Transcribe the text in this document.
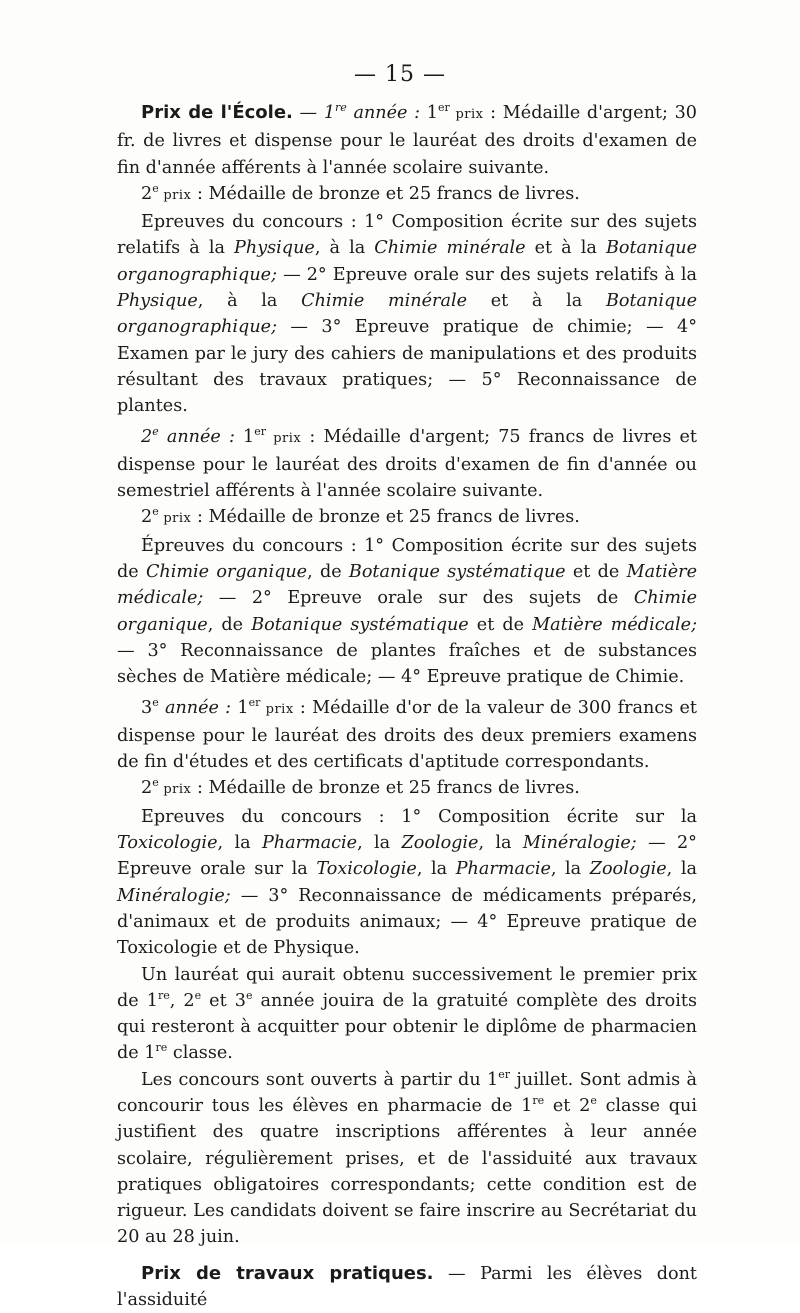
— 15 —

Prix de l'École. — 1re année : 1er prix : Médaille d'argent; 30 fr. de livres et dispense pour le lauréat des droits d'examen de fin d'année afférents à l'année scolaire suivante.

2e prix : Médaille de bronze et 25 francs de livres.

Epreuves du concours : 1° Composition écrite sur des sujets relatifs à la Physique, à la Chimie minérale et à la Botanique organographique; — 2° Epreuve orale sur des sujets relatifs à la Physique, à la Chimie minérale et à la Botanique organographique; — 3° Epreuve pratique de chimie; — 4° Examen par le jury des cahiers de manipulations et des produits résultant des travaux pratiques; — 5° Reconnaissance de plantes.

2e année : 1er prix : Médaille d'argent; 75 francs de livres et dispense pour le lauréat des droits d'examen de fin d'année ou semestriel afférents à l'année scolaire suivante.

2e prix : Médaille de bronze et 25 francs de livres.

Épreuves du concours : 1° Composition écrite sur des sujets de Chimie organique, de Botanique systématique et de Matière médicale; — 2° Epreuve orale sur des sujets de Chimie organique, de Botanique systématique et de Matière médicale; — 3° Reconnaissance de plantes fraîches et de substances sèches de Matière médicale; — 4° Epreuve pratique de Chimie.

3e année : 1er prix : Médaille d'or de la valeur de 300 francs et dispense pour le lauréat des droits des deux premiers examens de fin d'études et des certificats d'aptitude correspondants.

2e prix : Médaille de bronze et 25 francs de livres.

Epreuves du concours : 1° Composition écrite sur la Toxicologie, la Pharmacie, la Zoologie, la Minéralogie; — 2° Epreuve orale sur la Toxicologie, la Pharmacie, la Zoologie, la Minéralogie; — 3° Reconnaissance de médicaments préparés, d'animaux et de produits animaux; — 4° Epreuve pratique de Toxicologie et de Physique.

Un lauréat qui aurait obtenu successivement le premier prix de 1re, 2e et 3e année jouira de la gratuité complète des droits qui resteront à acquitter pour obtenir le diplôme de pharmacien de 1re classe.

Les concours sont ouverts à partir du 1er juillet. Sont admis à concourir tous les élèves en pharmacie de 1re et 2e classe qui justifient des quatre inscriptions afférentes à leur année scolaire, régulièrement prises, et de l'assiduité aux travaux pratiques obligatoires correspondants; cette condition est de rigueur. Les candidats doivent se faire inscrire au Secrétariat du 20 au 28 juin.

Prix de travaux pratiques. — Parmi les élèves dont l'assiduité
